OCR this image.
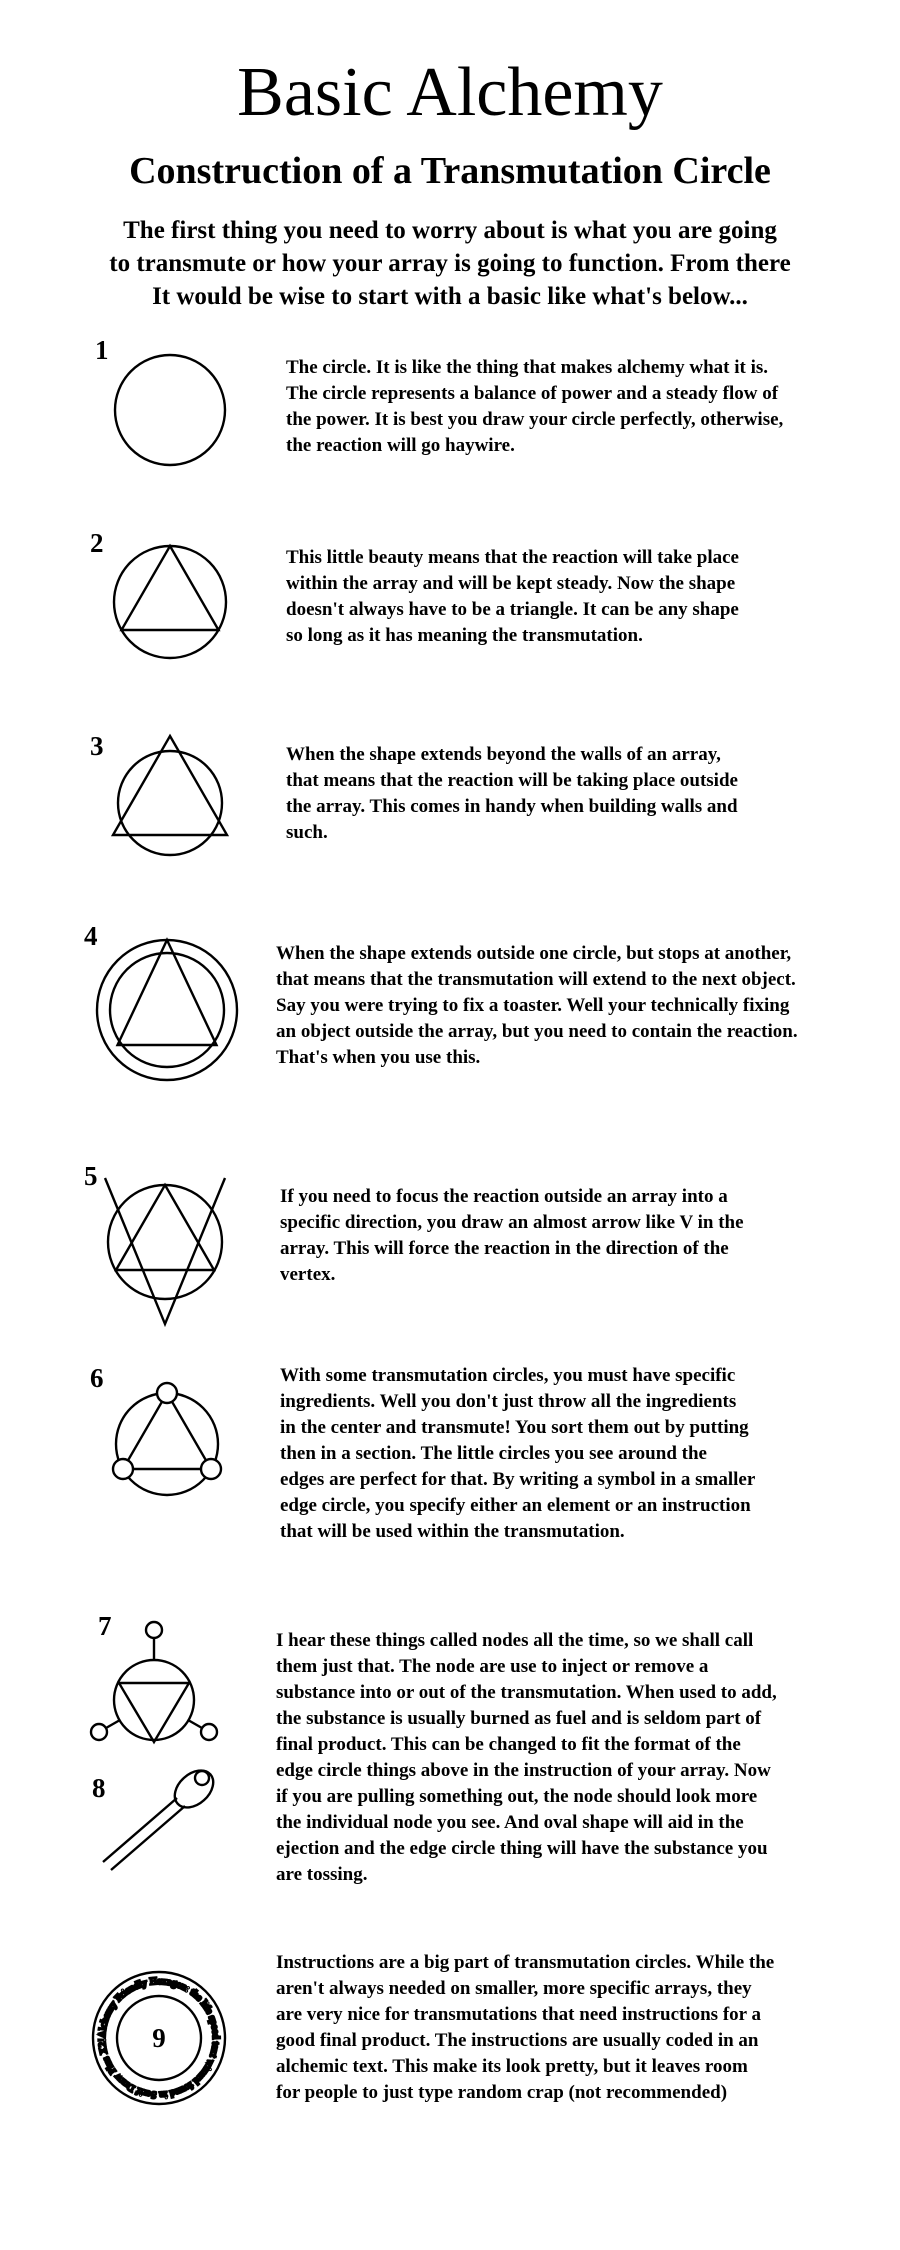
Basic Alchemy
Construction of a Transmutation Circle

The first thing you need to worry about is what you are going
to transmute or how your array is going to function. From there
It would be wise to start with a basic like what's below...

1

The circle. It is like the thing that makes alchemy what it is.
The circle represents a balance of power and a steady flow of
the power. It is best you draw your circle perfectly, otherwise,
the reaction will go haywire.

2	This little beauty means that the reaction will take place
within the array and will be kept steady. Now the shape
doesn't always have to be a triangle. It can be any shape
so long as it has meaning the transmutation.

3	When the shape extends beyond the walls of an array,
that means that the reaction will be taking place outside
the array. This comes in handy when building walls and
such.

4

When the shape extends outside one circle, but stops at another,
that means that the transmutation will extend to the next object.
Say you were trying to fix a toaster. Well your technically fixing
an object outside the array, but you need to contain the reaction.
That's when you use this.

5

If you need to focus the reaction outside an array into a
specific direction, you draw an almost arrow like V in the
array. This will force the reaction in the direction of the
vertex.

6	With some transmutation circles, you must have specific
ingredients. Well you don't just throw all the ingredients
in the center and transmute! You sort them out by putting
then in a section. The little circles you see around the
edges are perfect for that. By writing a symbol in a smaller
edge circle, you specify either an element or an instruction
that will be used within the transmutation.

7
8

I hear these things called nodes all the time, so we shall call
them just that. The node are use to inject or remove a
substance into or out of the transmutation. When used to add,
the substance is usually burned as fuel and is seldom part of
final product. This can be changed to fit the format of the
edge circle things above in the instruction of your array. Now
if you are pulling something out, the node should look more
the individual node you see. And oval shape will aid in the
ejection and the edge circle thing will have the substance you
are tossing.

Alchemy Friendly Hexagon: the life speed text wizard found in Serif Draw Plus X2!	9

Instructions are a big part of transmutation circles. While the
aren't always needed on smaller, more specific arrays, they
are very nice for transmutations that need instructions for a
good final product. The instructions are usually coded in an
alchemic text. This make its look pretty, but it leaves room
for people to just type random crap (not recommended)
